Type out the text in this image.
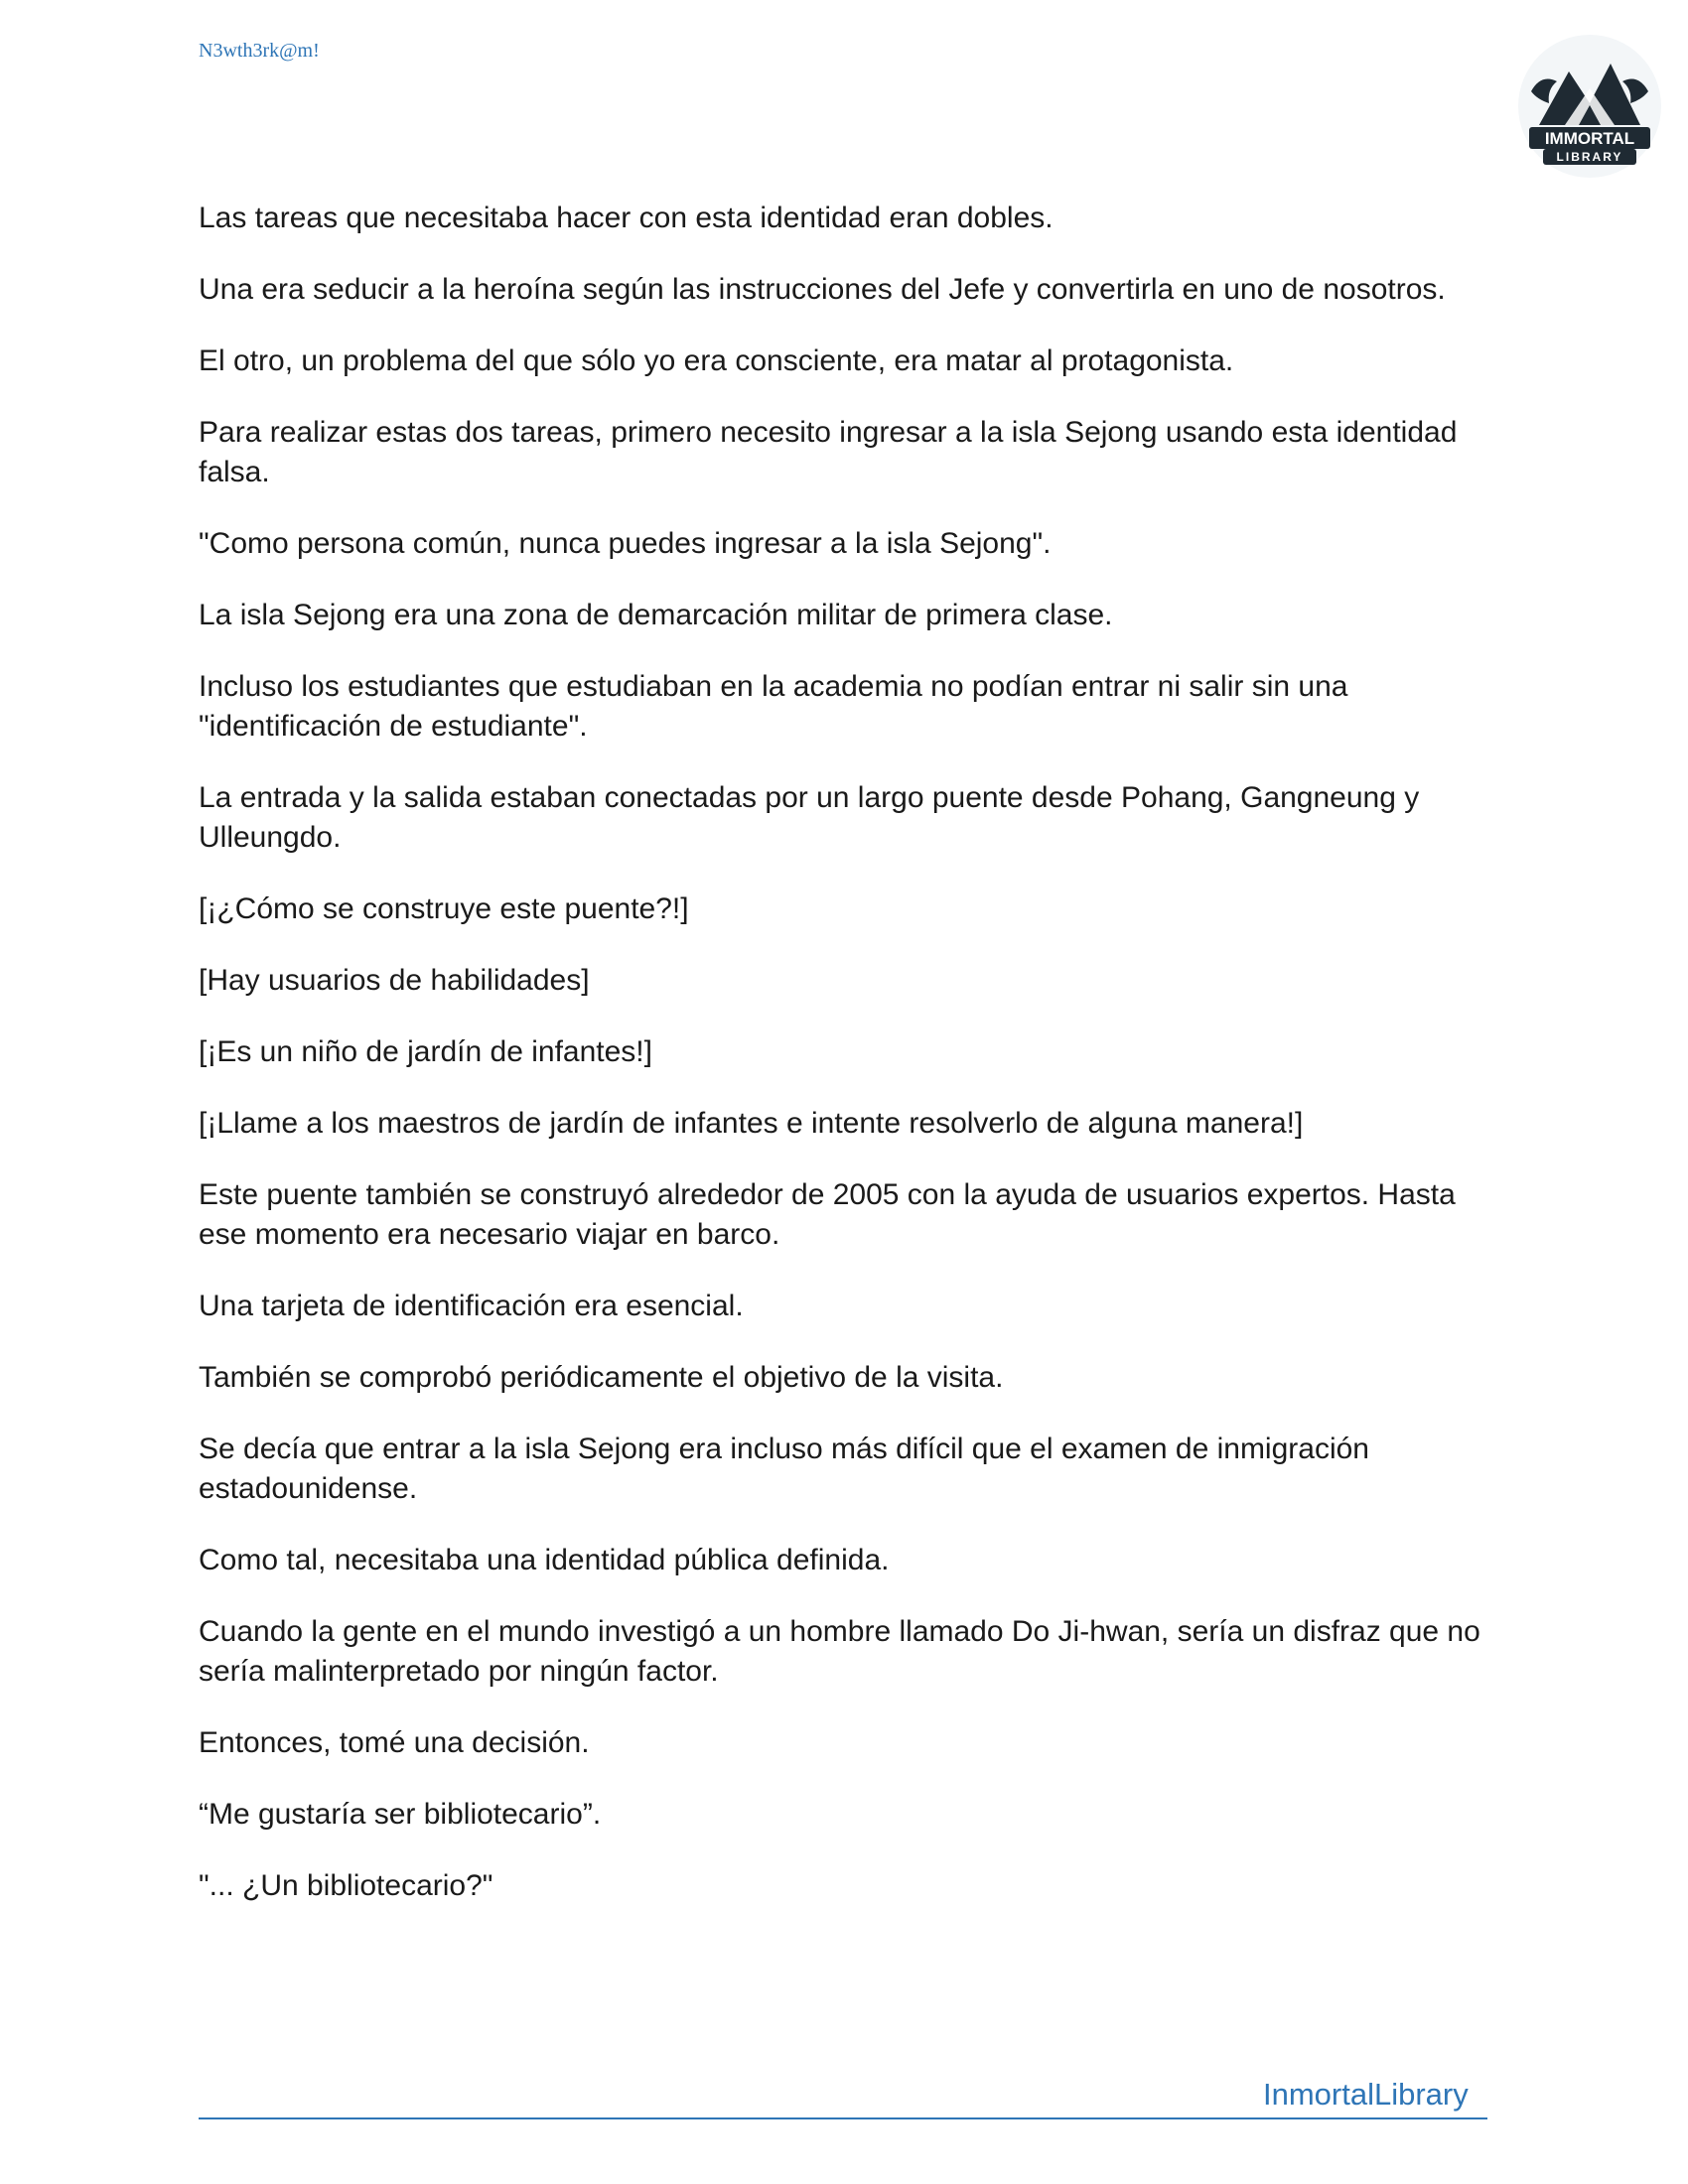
N3wth3rk@m!
IMMORTAL
LIBRARY

Las tareas que necesitaba hacer con esta identidad eran dobles.

Una era seducir a la heroína según las instrucciones del Jefe y convertirla en uno de nosotros.

El otro, un problema del que sólo yo era consciente, era matar al protagonista.

Para realizar estas dos tareas, primero necesito ingresar a la isla Sejong usando esta identidad falsa.

"Como persona común, nunca puedes ingresar a la isla Sejong".

La isla Sejong era una zona de demarcación militar de primera clase.

Incluso los estudiantes que estudiaban en la academia no podían entrar ni salir sin una "identificación de estudiante".

La entrada y la salida estaban conectadas por un largo puente desde Pohang, Gangneung y Ulleungdo.

[¡¿Cómo se construye este puente?!]

[Hay usuarios de habilidades]

[¡Es un niño de jardín de infantes!]

[¡Llame a los maestros de jardín de infantes e intente resolverlo de alguna manera!]

Este puente también se construyó alrededor de 2005 con la ayuda de usuarios expertos. Hasta ese momento era necesario viajar en barco.

Una tarjeta de identificación era esencial.

También se comprobó periódicamente el objetivo de la visita.

Se decía que entrar a la isla Sejong era incluso más difícil que el examen de inmigración estadounidense.

Como tal, necesitaba una identidad pública definida.

Cuando la gente en el mundo investigó a un hombre llamado Do Ji-hwan, sería un disfraz que no sería malinterpretado por ningún factor.

Entonces, tomé una decisión.

“Me gustaría ser bibliotecario”.

"... ¿Un bibliotecario?"

InmortalLibrary
